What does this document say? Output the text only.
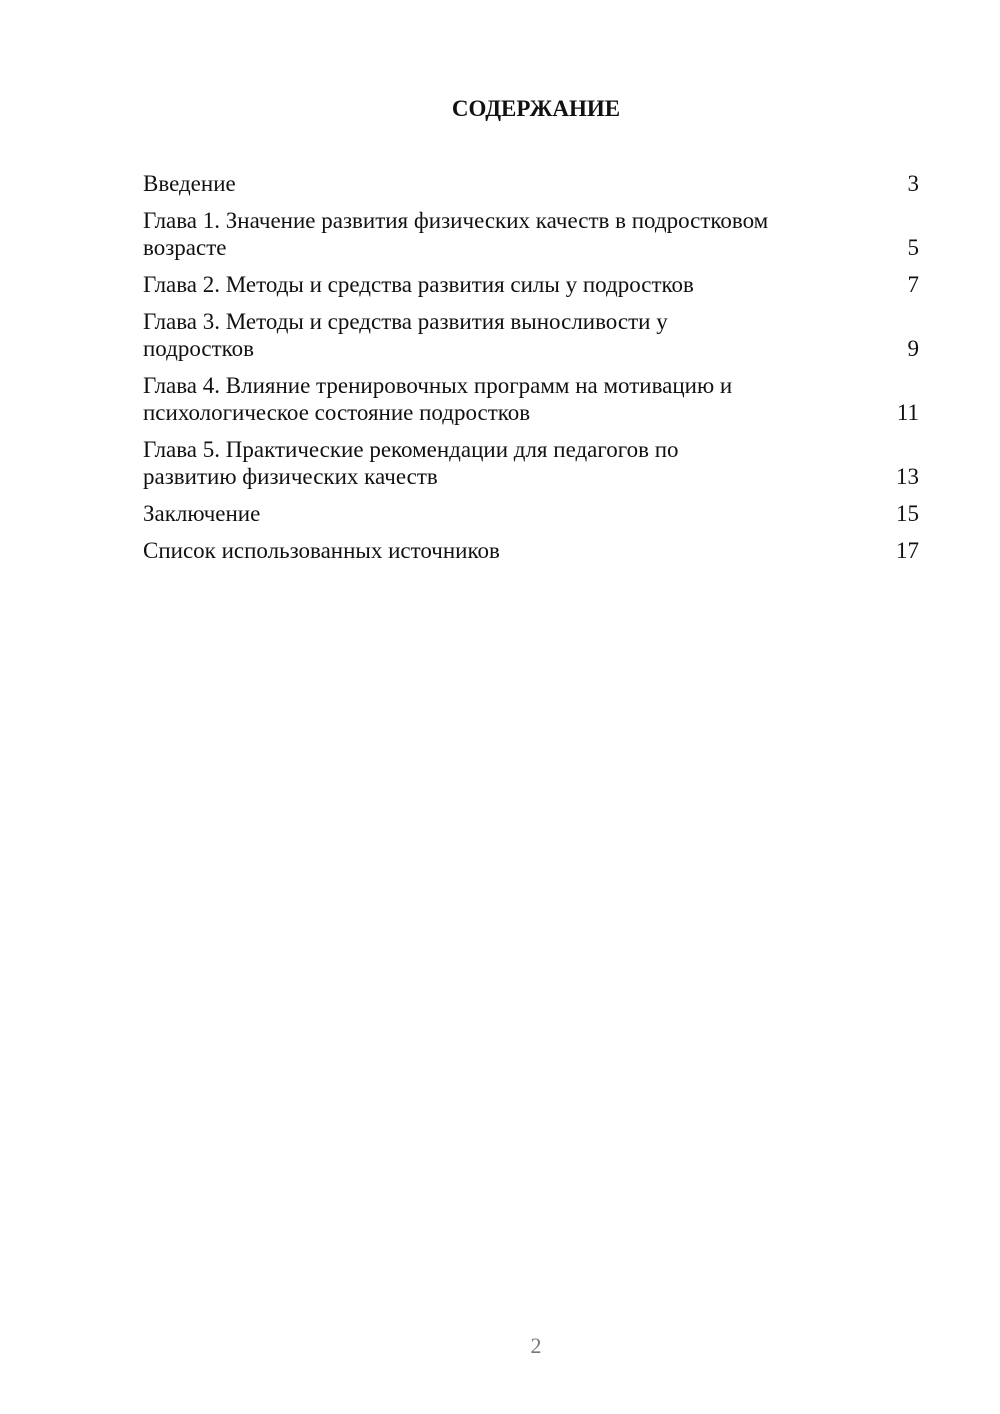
СОДЕРЖАНИЕ
Введение	3
Глава 1. Значение развития физических качеств в подростковом
возрасте	5
Глава 2. Методы и средства развития силы у подростков	7
Глава 3. Методы и средства развития выносливости у
подростков	9
Глава 4. Влияние тренировочных программ на мотивацию и
психологическое состояние подростков	11
Глава 5. Практические рекомендации для педагогов по
развитию физических качеств	13
Заключение	15
Список использованных источников	17
2
